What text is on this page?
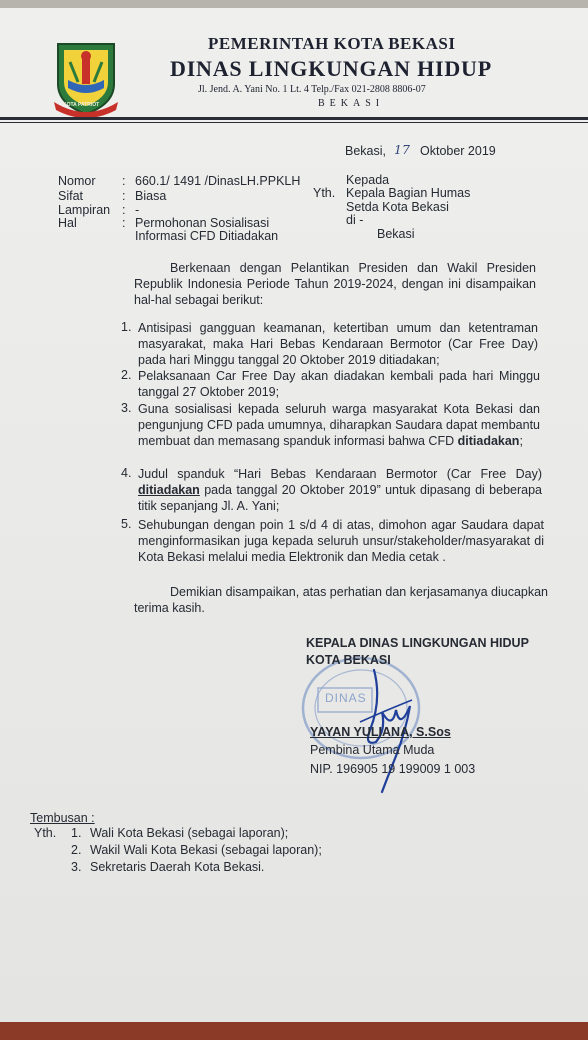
KOTA PATRIOT
PEMERINTAH KOTA BEKASI
DINAS LINGKUNGAN HIDUP
Jl. Jend. A. Yani No. 1 Lt. 4 Telp./Fax 021-2808 8806-07
BEKASI
Bekasi, 17 Oktober 2019
Nomor : 660.1/ 1491 /DinasLH.PPKLH
Sifat	: Biasa
Lampiran : -
Hal	: Permohonan Sosialisasi
Informasi CFD Ditiadakan
Kepada
Yth. Kepala Bagian Humas
Setda Kota Bekasi
di -
Bekasi
Berkenaan dengan Pelantikan Presiden dan Wakil Presiden Republik Indonesia Periode Tahun 2019-2024, dengan ini disampaikan hal-hal sebagai berikut:
1. Antisipasi gangguan keamanan, ketertiban umum dan ketentraman masyarakat, maka Hari Bebas Kendaraan Bermotor (Car Free Day) pada hari Minggu tanggal 20 Oktober 2019 ditiadakan;
2. Pelaksanaan Car Free Day akan diadakan kembali pada hari Minggu tanggal 27 Oktober 2019;
3. Guna sosialisasi kepada seluruh warga masyarakat Kota Bekasi dan pengunjung CFD pada umumnya, diharapkan Saudara dapat membantu membuat dan memasang spanduk informasi bahwa CFD ditiadakan;
4. Judul spanduk “Hari Bebas Kendaraan Bermotor (Car Free Day) ditiadakan pada tanggal 20 Oktober 2019” untuk dipasang di beberapa titik sepanjang Jl. A. Yani;
5. Sehubungan dengan poin 1 s/d 4 di atas, dimohon agar Saudara dapat menginformasikan juga kepada seluruh unsur/stakeholder/masyarakat di Kota Bekasi melalui media Elektronik dan Media cetak .
Demikian disampaikan, atas perhatian dan kerjasamanya diucapkan terima kasih.
DINAS
KEPALA DINAS LINGKUNGAN HIDUP
KOTA BEKASI
YAYAN YULIANA, S.Sos
Pembina Utama Muda
NIP. 196905 19 199009 1 003
Tembusan :
Yth. 1. Wali Kota Bekasi (sebagai laporan);
2. Wakil Wali Kota Bekasi (sebagai laporan);
3. Sekretaris Daerah Kota Bekasi.
